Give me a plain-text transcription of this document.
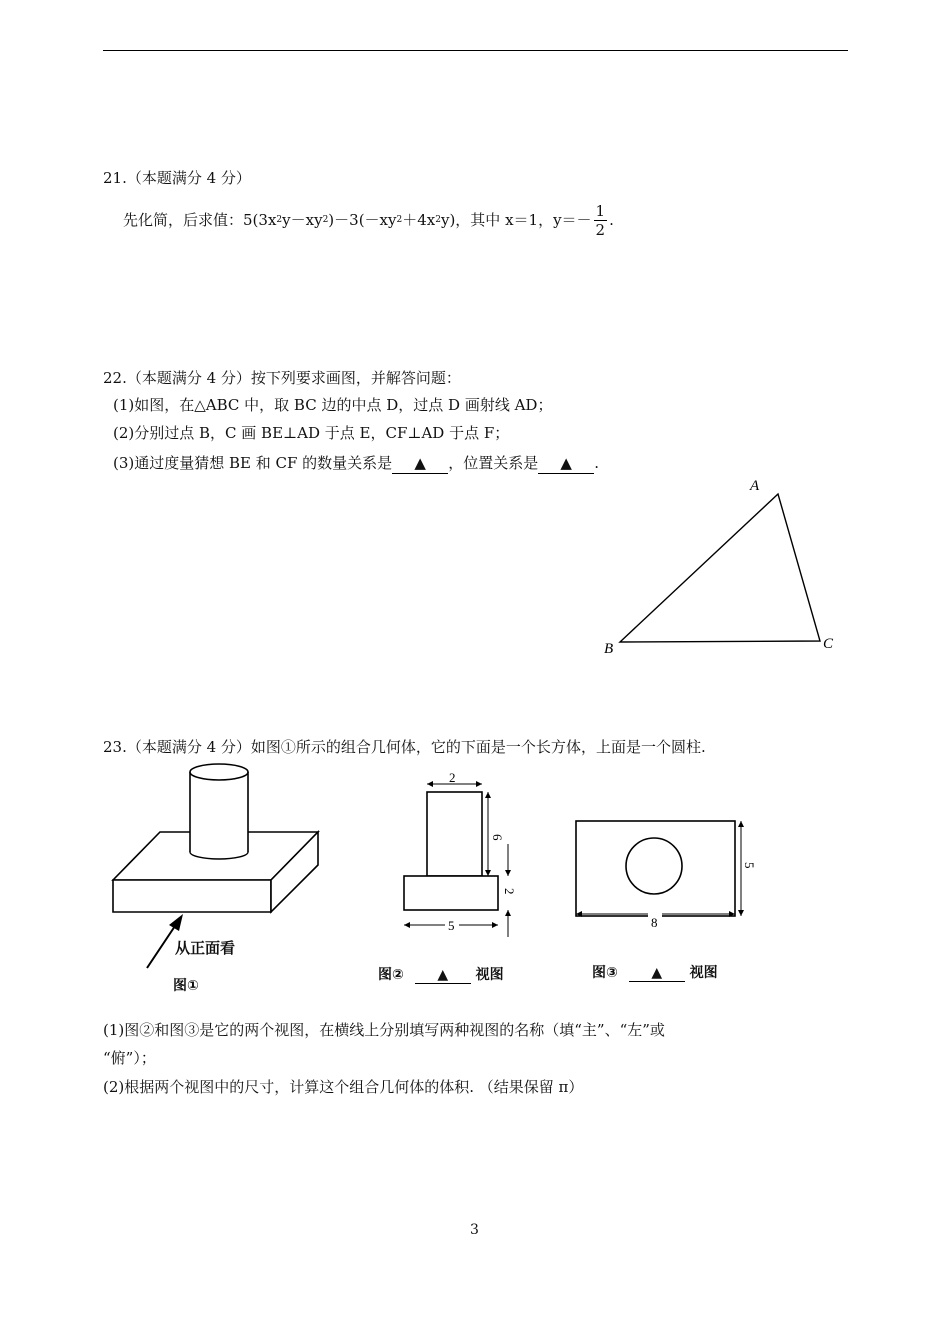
21.（本题满分 4 分）
先化简，后求值：5(3x 2 y－xy 2 )－3(－xy 2 ＋4x 2 y)，其中 x＝1，$y=- \frac{1}{2}$ .
22.（本题满分 4 分）按下列要求画图，并解答问题：
(1)如图，在△ABC 中，取 BC 边的中点 D，过点 D 画射线 AD；
(2)分别过点 B，C 画 BE⊥AD 于点 E，CF⊥AD 于点 F；
(3)通过度量猜想 BE 和 CF 的数量关系是 ▲ ，位置关系是 ▲ .
A
B	C
23.（本题满分 4 分）如图①所示的组合几何体，它的下面是一个长方体，上面是一个圆柱.
从正面看
图①
2
6
2
5
图② ▲ 视图
5
8
图③ ▲ 视图
(1)图②和图③是它的两个视图，在横线上分别填写两种视图的名称（填“主”、“左”或
“俯”）；
(2)根据两个视图中的尺寸，计算这个组合几何体的体积. （结果保留 π）
3
